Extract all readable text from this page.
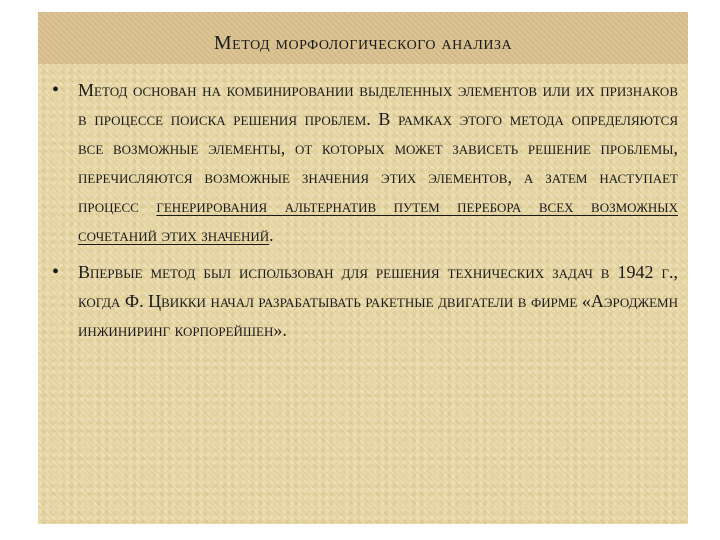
Метод морфологического анализа
• Метод основан на комбинировании выделенных элементов или их признаков в процессе поиска решения проблем. В рамках этого метода определяются все возможные элементы, от которых может зависеть решение проблемы, перечисляются возможные значения этих элементов, а затем наступает процесс генерирования альтернатив путем перебора всех возможных сочетаний этих значений.
• Впервые метод был использован для решения технических задач в 1942 г., когда Ф. Цвикки начал разрабатывать ракетные двигатели в фирме «Аэроджемн инжиниринг корпорейшен».
